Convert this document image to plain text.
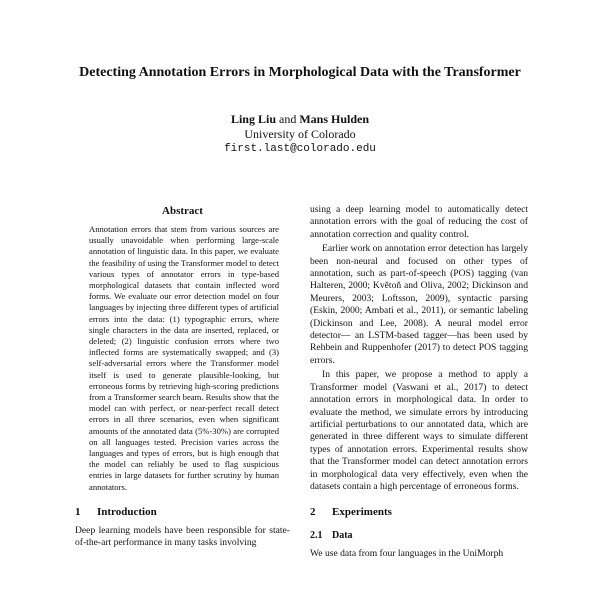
Detecting Annotation Errors in Morphological Data with the Transformer
Ling Liu and Mans Hulden
University of Colorado
first.last@colorado.edu
Abstract

Annotation errors that stem from various sources are usually unavoidable when performing large-scale annotation of linguistic data. In this paper, we evaluate the feasibility of using the Transformer model to detect various types of annotator errors in type-based morphological datasets that contain inflected word forms. We evaluate our error detection model on four languages by injecting three different types of artificial errors into the data: (1) typographic errors, where single characters in the data are inserted, replaced, or deleted; (2) linguistic confusion errors where two inflected forms are systematically swapped; and (3) self-adversarial errors where the Transformer model itself is used to generate plausible-looking, but erroneous forms by retrieving high-scoring predictions from a Transformer search beam. Results show that the model can with perfect, or near-perfect recall detect errors in all three scenarios, even when significant amounts of the annotated data (5%-30%) are corrupted on all languages tested. Precision varies across the languages and types of errors, but is high enough that the model can reliably be used to flag suspicious entries in large datasets for further scrutiny by human annotators.

1 Introduction

Deep learning models have been responsible for state-of-the-art performance in many tasks involving

using a deep learning model to automatically detect annotation errors with the goal of reducing the cost of annotation correction and quality control.

Earlier work on annotation error detection has largely been non-neural and focused on other types of annotation, such as part-of-speech (POS) tagging (van Halteren, 2000; Květoň and Oliva, 2002; Dickinson and Meurers, 2003; Loftsson, 2009), syntactic parsing (Eskin, 2000; Ambati et al., 2011), or semantic labeling (Dickinson and Lee, 2008). A neural model error detector— an LSTM-based tagger—has been used by Rehbein and Ruppenhofer (2017) to detect POS tagging errors.

In this paper, we propose a method to apply a Transformer model (Vaswani et al., 2017) to detect annotation errors in morphological data. In order to evaluate the method, we simulate errors by introducing artificial perturbations to our annotated data, which are generated in three different ways to simulate different types of annotation errors. Experimental results show that the Transformer model can detect annotation errors in morphological data very effectively, even when the datasets contain a high percentage of erroneous forms.

2 Experiments
2.1 Data

We use data from four languages in the UniMorph
